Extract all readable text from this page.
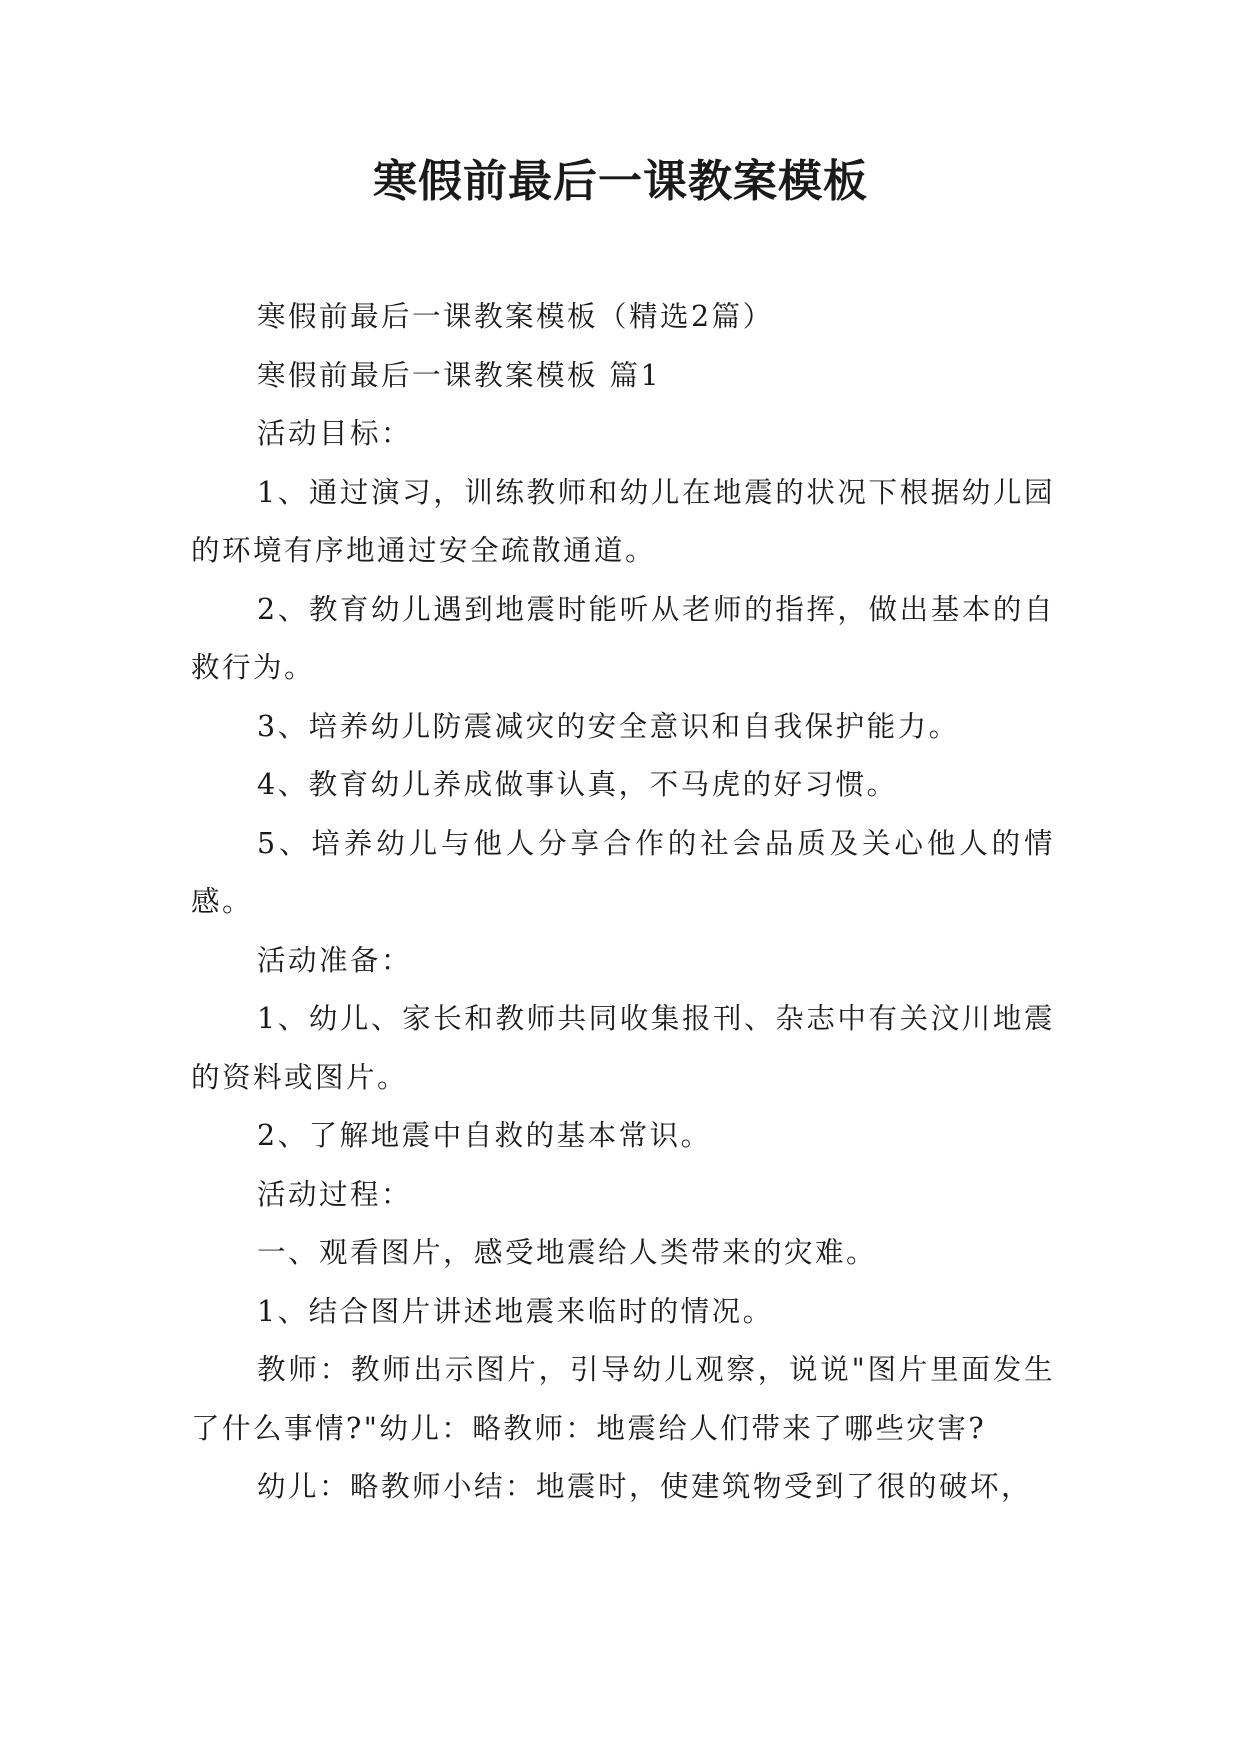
寒假前最后一课教案模板

寒假前最后一课教案模板（精选2篇）

寒假前最后一课教案模板 篇1

活动目标：

1、通过演习，训练教师和幼儿在地震的状况下根据幼儿园的环境有序地通过安全疏散通道。

2、教育幼儿遇到地震时能听从老师的指挥，做出基本的自救行为。

3、培养幼儿防震减灾的安全意识和自我保护能力。

4、教育幼儿养成做事认真，不马虎的好习惯。

5、培养幼儿与他人分享合作的社会品质及关心他人的情感。

活动准备：

1、幼儿、家长和教师共同收集报刊、杂志中有关汶川地震的资料或图片。

2、了解地震中自救的基本常识。

活动过程：

一、观看图片，感受地震给人类带来的灾难。

1、结合图片讲述地震来临时的情况。

教师：教师出示图片，引导幼儿观察，说说"图片里面发生了什么事情?"幼儿：略教师：地震给人们带来了哪些灾害?

幼儿：略教师小结：地震时，使建筑物受到了很的破坏，
